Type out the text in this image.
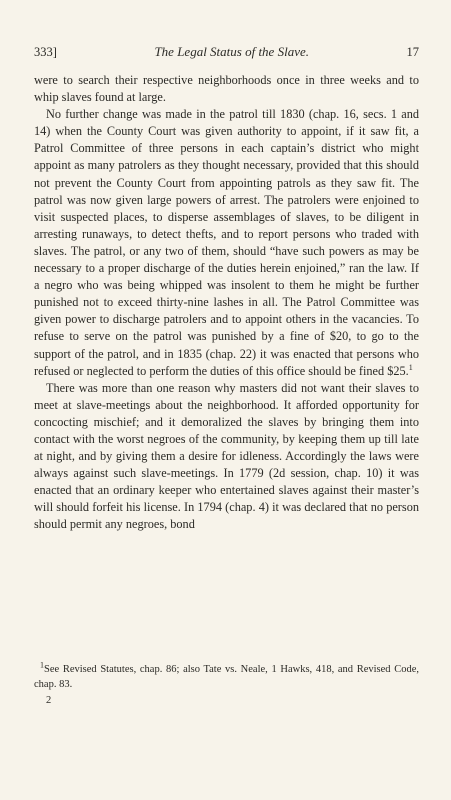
333]	The Legal Status of the Slave.	17

were to search their respective neighborhoods once in three weeks and to whip slaves found at large.

No further change was made in the patrol till 1830 (chap. 16, secs. 1 and 14) when the County Court was given authority to appoint, if it saw fit, a Patrol Committee of three persons in each captain’s district who might appoint as many patrolers as they thought necessary, provided that this should not prevent the County Court from appointing patrols as they saw fit. The patrol was now given large powers of arrest. The patrolers were enjoined to visit suspected places, to disperse assemblages of slaves, to be diligent in arresting runaways, to detect thefts, and to report persons who traded with slaves. The patrol, or any two of them, should “have such powers as may be necessary to a proper discharge of the duties herein enjoined,” ran the law. If a negro who was being whipped was insolent to them he might be further punished not to exceed thirty-nine lashes in all. The Patrol Committee was given power to discharge patrolers and to appoint others in the vacancies. To refuse to serve on the patrol was punished by a fine of $20, to go to the support of the patrol, and in 1835 (chap. 22) it was enacted that persons who refused or neglected to perform the duties of this office should be fined $25.$^1$

There was more than one reason why masters did not want their slaves to meet at slave-meetings about the neighborhood. It afforded opportunity for concocting mischief; and it demoralized the slaves by bringing them into contact with the worst negroes of the community, by keeping them up till late at night, and by giving them a desire for idleness. Accordingly the laws were always against such slave-meetings. In 1779 (2d session, chap. 10) it was enacted that an ordinary keeper who entertained slaves against their master’s will should forfeit his license. In 1794 (chap. 4) it was declared that no person should permit any negroes, bond

$^1$See Revised Statutes, chap. 86; also Tate vs. Neale, 1 Hawks, 418, and Revised Code, chap. 83.

2
